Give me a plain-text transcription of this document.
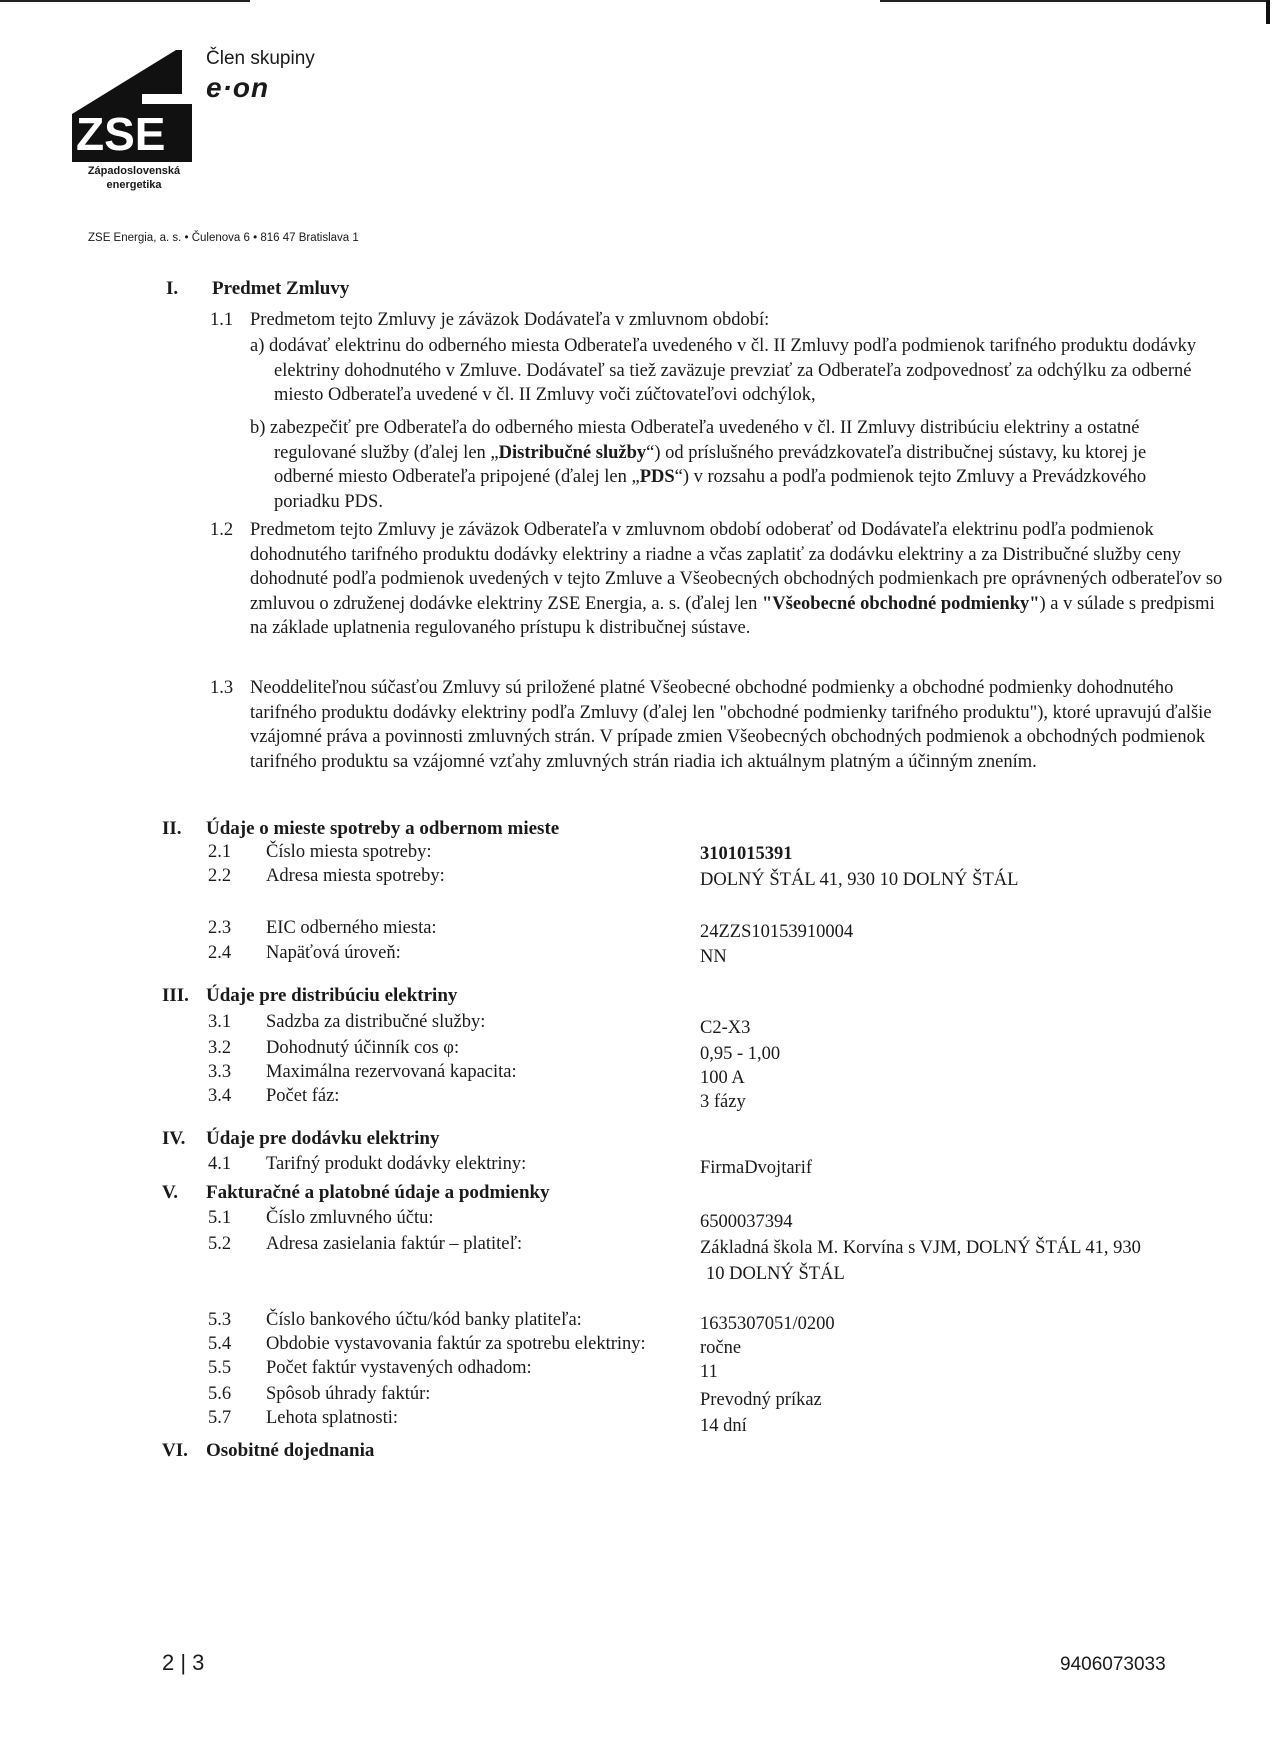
ZSE
Západoslovenská
energetika
Člen skupiny
e·on
ZSE Energia, a. s. • Čulenova 6 • 816 47 Bratislava 1
I. Predmet Zmluvy
1.1 Predmetom tejto Zmluvy je záväzok Dodávateľa v zmluvnom období:
a) dodávať elektrinu do odberného miesta Odberateľa uvedeného v čl. II Zmluvy podľa podmienok tarifného produktu dodávky elektriny dohodnutého v Zmluve. Dodávateľ sa tiež zaväzuje prevziať za Odberateľa zodpovednosť za odchýlku za odberné miesto Odberateľa uvedené v čl. II Zmluvy voči zúčtovateľovi odchýlok,
b) zabezpečiť pre Odberateľa do odberného miesta Odberateľa uvedeného v čl. II Zmluvy distribúciu elektriny a ostatné regulované služby (ďalej len „Distribučné služby“) od príslušného prevádzkovateľa distribučnej sústavy, ku ktorej je odberné miesto Odberateľa pripojené (ďalej len „PDS“) v rozsahu a podľa podmienok tejto Zmluvy a Prevádzkového poriadku PDS.
1.2 Predmetom tejto Zmluvy je záväzok Odberateľa v zmluvnom období odoberať od Dodávateľa elektrinu podľa podmienok dohodnutého tarifného produktu dodávky elektriny a riadne a včas zaplatiť za dodávku elektriny a za Distribučné služby ceny dohodnuté podľa podmienok uvedených v tejto Zmluve a Všeobecných obchodných podmienkach pre oprávnených odberateľov so zmluvou o združenej dodávke elektriny ZSE Energia, a. s. (ďalej len "Všeobecné obchodné podmienky") a v súlade s predpismi na základe uplatnenia regulovaného prístupu k distribučnej sústave.
1.3 Neoddeliteľnou súčasťou Zmluvy sú priložené platné Všeobecné obchodné podmienky a obchodné podmienky dohodnutého tarifného produktu dodávky elektriny podľa Zmluvy (ďalej len "obchodné podmienky tarifného produktu"), ktoré upravujú ďalšie vzájomné práva a povinnosti zmluvných strán. V prípade zmien Všeobecných obchodných podmienok a obchodných podmienok tarifného produktu sa vzájomné vzťahy zmluvných strán riadia ich aktuálnym platným a účinným znením.
II. Údaje o mieste spotreby a odbernom mieste
2.1 Číslo miesta spotreby:	3101015391
2.2 Adresa miesta spotreby:	DOLNÝ ŠTÁL 41, 930 10 DOLNÝ ŠTÁL
2.3 EIC odberného miesta:	24ZZS10153910004
2.4 Napäťová úroveň:	NN
III. Údaje pre distribúciu elektriny
3.1 Sadzba za distribučné služby:	C2-X3
3.2 Dohodnutý účinník cos φ:	0,95 - 1,00
3.3 Maximálna rezervovaná kapacita:	100 A
3.4 Počet fáz:	3 fázy
IV. Údaje pre dodávku elektriny
4.1 Tarifný produkt dodávky elektriny:	FirmaDvojtarif
V. Fakturačné a platobné údaje a podmienky
5.1 Číslo zmluvného účtu:	6500037394
5.2 Adresa zasielania faktúr – platiteľ:	Základná škola M. Korvína s VJM, DOLNÝ ŠTÁL 41, 930
10 DOLNÝ ŠTÁL
5.3 Číslo bankového účtu/kód banky platiteľa:	1635307051/0200
5.4 Obdobie vystavovania faktúr za spotrebu elektriny:	ročne
5.5 Počet faktúr vystavených odhadom:	11
5.6 Spôsob úhrady faktúr:	Prevodný príkaz
5.7 Lehota splatnosti:	14 dní
VI. Osobitné dojednania
2 | 3	9406073033
